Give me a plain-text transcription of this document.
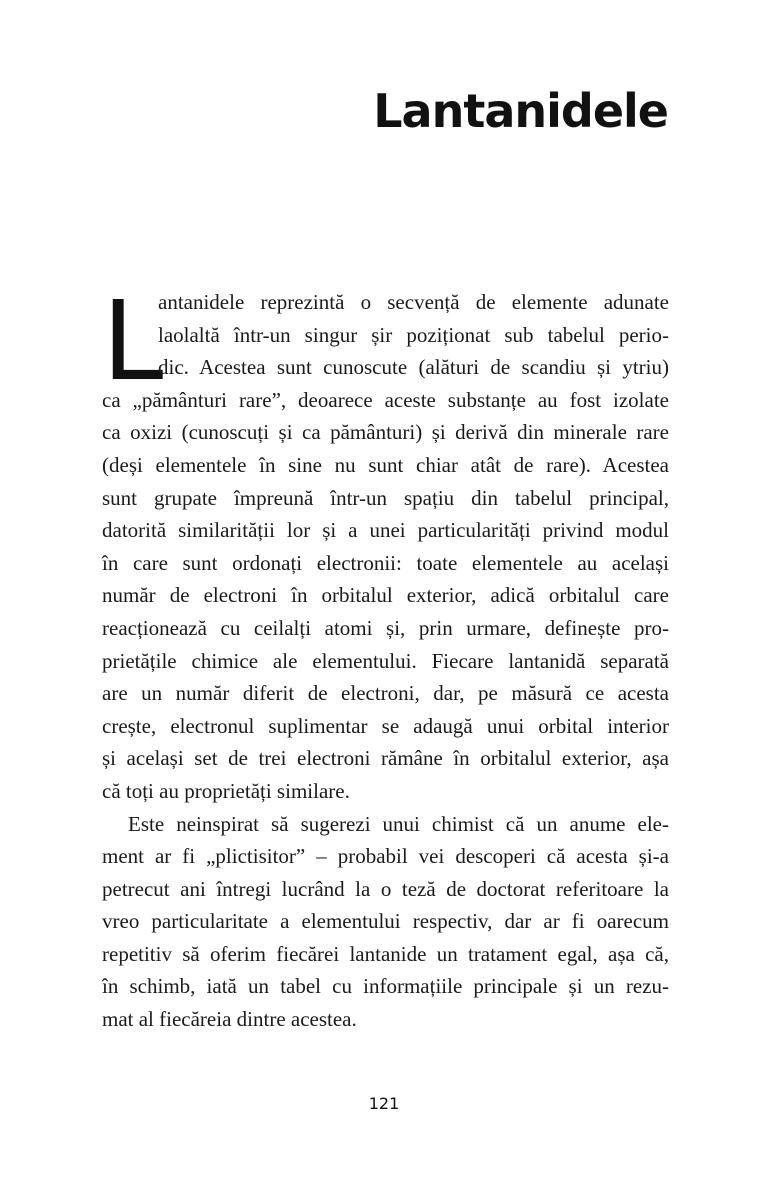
Lantanidele
L
antanidele reprezintă o secvență de elemente adunate
laolaltă într-un singur șir poziționat sub tabelul perio-
dic. Acestea sunt cunoscute (alături de scandiu și ytriu)
ca „pământuri rare”, deoarece aceste substanțe au fost izolate
ca oxizi (cunoscuți și ca pământuri) și derivă din minerale rare
(deși elementele în sine nu sunt chiar atât de rare). Acestea
sunt grupate împreună într-un spațiu din tabelul principal,
datorită similarității lor și a unei particularități privind modul
în care sunt ordonați electronii: toate elementele au același
număr de electroni în orbitalul exterior, adică orbitalul care
reacționează cu ceilalți atomi și, prin urmare, definește pro-
prietățile chimice ale elementului. Fiecare lantanidă separată
are un număr diferit de electroni, dar, pe măsură ce acesta
crește, electronul suplimentar se adaugă unui orbital interior
și același set de trei electroni rămâne în orbitalul exterior, așa
că toți au proprietăți similare.
Este neinspirat să sugerezi unui chimist că un anume ele-
ment ar fi „plictisitor” – probabil vei descoperi că acesta și-a
petrecut ani întregi lucrând la o teză de doctorat referitoare la
vreo particularitate a elementului respectiv, dar ar fi oarecum
repetitiv să oferim fiecărei lantanide un tratament egal, așa că,
în schimb, iată un tabel cu informațiile principale și un rezu-
mat al fiecăreia dintre acestea.
121
